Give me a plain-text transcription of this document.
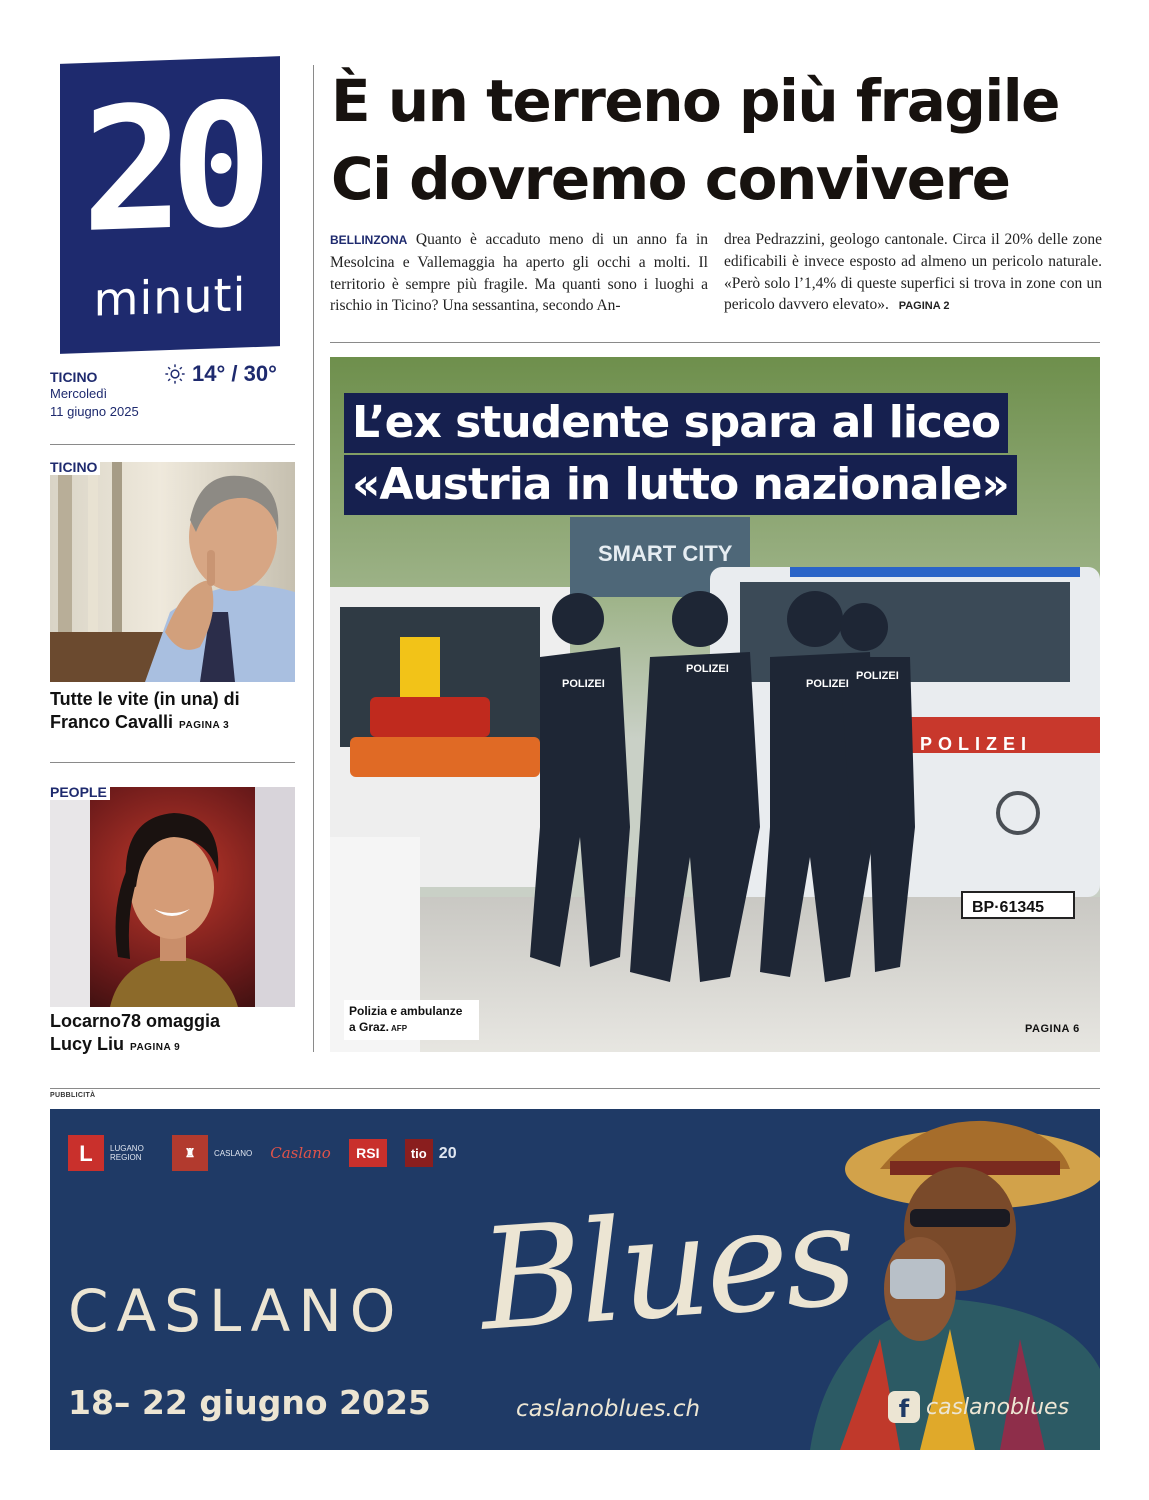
20
minuti
TICINO
Mercoledì
11 giugno 2025
14° / 30°
TICINO
Tutte le vite (in una) di
Franco Cavalli PAGINA 3
PEOPLE
Locarno78 omaggia
Lucy Liu PAGINA 9
È un terreno più fragile
Ci dovremo convivere
BELLINZONA Quanto è accaduto meno di un anno fa in Mesolcina e Vallemaggia ha aperto gli occhi a molti. Il territorio è sempre più fragile. Ma quanti sono i luoghi a rischio in Ticino? Una sessantina, secondo An-
drea Pedrazzini, geologo cantonale. Circa il 20% delle zone edificabili è invece esposto ad almeno un pericolo naturale. «Però solo l’1,4% di queste superfici si trova in zone con un pericolo davvero elevato». PAGINA 2
SMART CITY
POLIZEI
BP·61345
POLIZEI
POLIZEI
POLIZEI
POLIZEI
L’ex studente spara al liceo
«Austria in lutto nazionale»
Polizia e ambulanze
a Graz. AFP	PAGINA 6
PUBBLICITÀ
L	LUGANO REGION	♜	CASLANO Caslano	RSI	tio 20
CASLANO Blues
18– 22 giugno 2025	caslanoblues.ch	f caslanoblues
